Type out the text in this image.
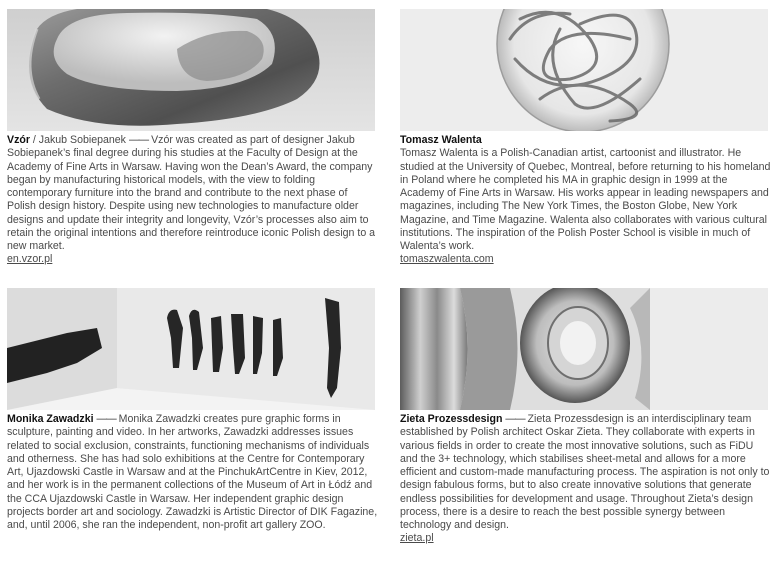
Vzór / Jakub Sobiepanek —— Vzór was created as part of designer Jakub Sobiepanek’s final degree during his studies at the Faculty of Design at the Academy of Fine Arts in Warsaw. Having won the Dean’s Award, the company began by manufacturing historical models, with the view to folding contemporary furniture into the brand and contribute to the next phase of Polish design history. Despite using new technologies to manufacture older designs and update their integrity and longevity, Vzór’s processes also aim to retain the original intentions and therefore reintroduce iconic Polish design to a new market.
en.vzor.pl
Tomasz Walenta
Tomasz Walenta is a Polish-Canadian artist, cartoonist and illustrator. He studied at the University of Quebec, Montreal, before returning to his homeland in Poland where he completed his MA in graphic design in 1999 at the Academy of Fine Arts in Warsaw. His works appear in leading newspapers and magazines, including The New York Times, the Boston Globe, New York Magazine, and Time Magazine. Walenta also collaborates with various cultural institutions. The inspiration of the Polish Poster School is visible in much of Walenta’s work.
tomaszwalenta.com
Monika Zawadzki —— Monika Zawadzki creates pure graphic forms in sculpture, painting and video. In her artworks, Zawadzki addresses issues related to social exclusion, constraints, functioning mechanisms of individuals and otherness. She has had solo exhibitions at the Centre for Contemporary Art, Ujazdowski Castle in Warsaw and at the PinchukArtCentre in Kiev, 2012, and her work is in the permanent collections of the Museum of Art in Łódź and the CCA Ujazdowski Castle in Warsaw. Her independent graphic design projects border art and sociology. Zawadzki is Artistic Director of DIK Fagazine, and, until 2006, she ran the independent, non-profit art gallery ZOO.
Zieta Prozessdesign —— Zieta Prozessdesign is an interdisciplinary team established by Polish architect Oskar Zieta. They collaborate with experts in various fields in order to create the most innovative solutions, such as FiDU and the 3+ technology, which stabilises sheet-metal and allows for a more efficient and custom-made manufacturing process. The aspiration is not only to design fabulous forms, but to also create innovative solutions that generate endless possibilities for development and usage. Throughout Zieta’s design process, there is a desire to reach the best possible synergy between technology and design.
zieta.pl
